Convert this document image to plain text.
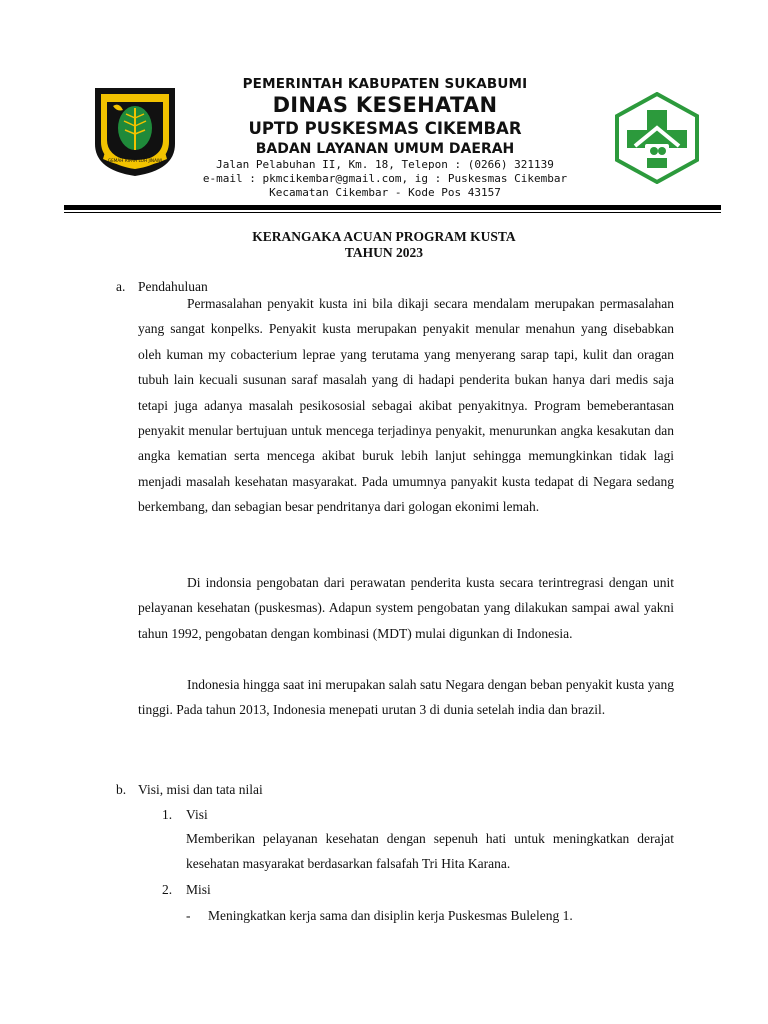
GEMAH RIPAH LOH JINAWI
PEMERINTAH KABUPATEN SUKABUMI
DINAS KESEHATAN
UPTD PUSKESMAS CIKEMBAR
BADAN LAYANAN UMUM DAERAH
Jalan Pelabuhan II, Km. 18, Telepon : (0266) 321139
e-mail : pkmcikembar@gmail.com, ig : Puskesmas Cikembar
Kecamatan Cikembar - Kode Pos 43157
KERANGAKA ACUAN PROGRAM KUSTA
TAHUN 2023
a. Pendahuluan

Permasalahan penyakit kusta ini bila dikaji secara mendalam merupakan permasalahan yang sangat konpelks. Penyakit kusta merupakan penyakit menular menahun yang disebabkan oleh kuman my cobacterium leprae yang terutama yang menyerang sarap tapi, kulit dan oragan tubuh lain kecuali susunan saraf masalah yang di hadapi penderita bukan hanya dari medis saja tetapi juga adanya masalah pesikososial sebagai akibat penyakitnya. Program bemeberantasan penyakit menular bertujuan untuk mencega terjadinya penyakit, menurunkan angka kesakutan dan angka kematian serta mencega akibat buruk lebih lanjut sehingga memungkinkan tidak lagi menjadi masalah kesehatan masyarakat. Pada umumnya panyakit kusta tedapat di Negara sedang berkembang, dan sebagian besar pendritanya dari gologan ekonimi lemah.

Di indonsia pengobatan dari perawatan penderita kusta secara terintregrasi dengan unit pelayanan kesehatan (puskesmas). Adapun system pengobatan yang dilakukan sampai awal yakni tahun 1992, pengobatan dengan kombinasi (MDT) mulai digunkan di Indonesia.

Indonesia hingga saat ini merupakan salah satu Negara dengan beban penyakit kusta yang tinggi. Pada tahun 2013, Indonesia menepati urutan 3 di dunia setelah india dan brazil.

b. Visi, misi dan tata nilai
1. Visi

Memberikan pelayanan kesehatan dengan sepenuh hati untuk meningkatkan derajat kesehatan masyarakat berdasarkan falsafah Tri Hita Karana.

2. Misi
- Meningkatkan kerja sama dan disiplin kerja Puskesmas Buleleng 1.
